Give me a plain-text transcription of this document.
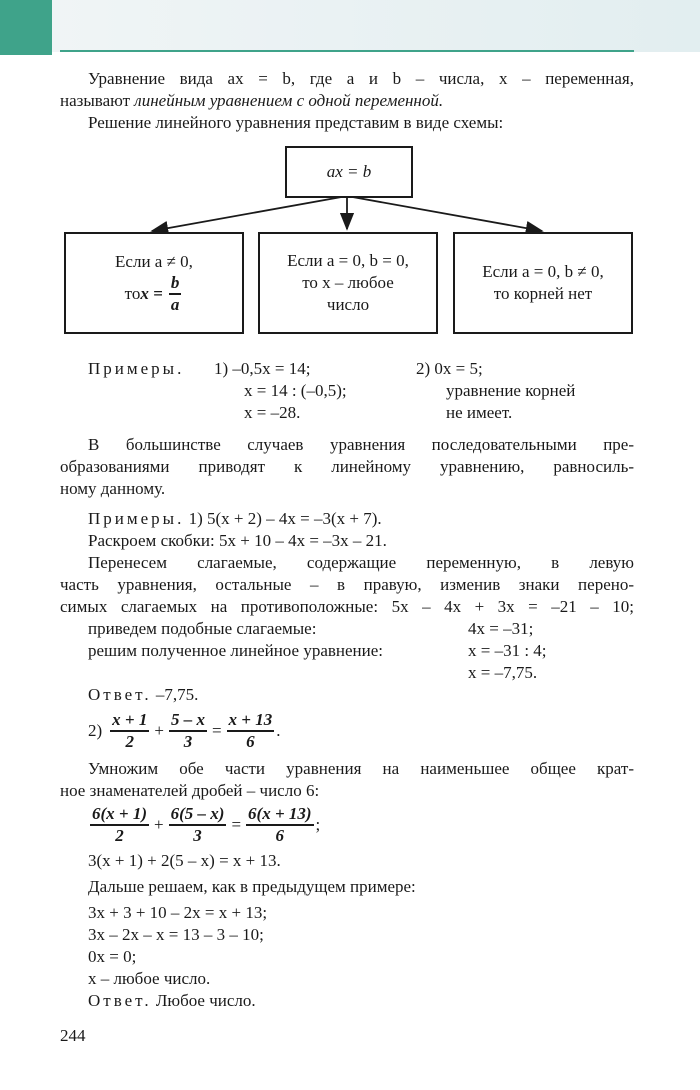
Уравнение вида ax = b, где a и b – числа, x – переменная,
называют линейным уравнением с одной переменной.
Решение линейного уравнения представим в виде схемы:
ax = b
Если a ≠ 0,
то $x = \frac{b}{a}$
Если a = 0, b = 0,
то x – любое
число
Если a = 0, b ≠ 0,
то корней нет
Примеры. 1) –0,5x = 14;
x = 14 : (–0,5);
x = –28.
2) 0x = 5;
уравнение корней
не имеет.
В большинстве случаев уравнения последовательными пре-
образованиями приводят к линейному уравнению, равносиль-
ному данному.
Примеры. 1) 5(x + 2) – 4x = –3(x + 7).
Раскроем скобки: 5x + 10 – 4x = –3x – 21.
Перенесем слагаемые, содержащие переменную, в левую
часть уравнения, остальные – в правую, изменив знаки перено-
симых слагаемых на противоположные: 5x – 4x + 3x = –21 – 10;
приведем подобные слагаемые:	4x = –31;
решим полученное линейное уравнение:	x = –31 : 4;
x = –7,75.
Ответ. –7,75.
$2) \frac{x + 1}{2} + \frac{5 - x}{3} = \frac{x + 13}{6}$ .
Умножим обе части уравнения на наименьшее общее крат-
ное знаменателей дробей – число 6:
$\frac{6(x + 1)}{2} + \frac{6(5 - x)}{3} = \frac{6(x + 13)}{6}$ ;
3(x + 1) + 2(5 – x) = x + 13.
Дальше решаем, как в предыдущем примере:
3x + 3 + 10 – 2x = x + 13;
3x – 2x – x = 13 – 3 – 10;
0x = 0;
x – любое число.
Ответ. Любое число.
244
